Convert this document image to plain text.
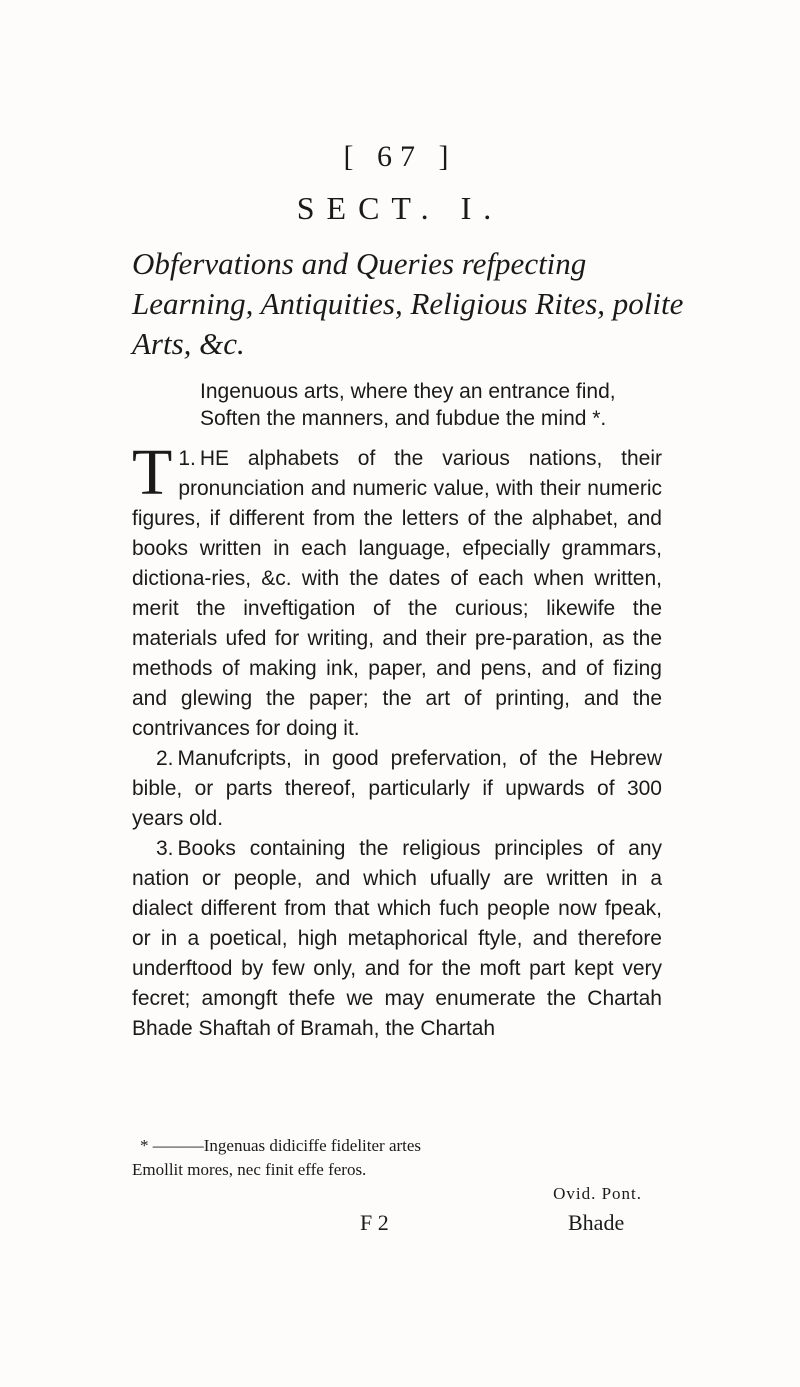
[ 67 ]
SECT. I.
Obfervations and Queries refpecting Learning, Antiquities, Religious Rites, polite Arts, &c.
Ingenuous arts, where they an entrance find,
Soften the manners, and fubdue the mind *.

1.
T HE alphabets of the various nations, their pronunciation and numeric value, with their numeric figures, if different from the letters of the alphabet, and books written in each language, efpecially grammars, dictiona-ries, &c. with the dates of each when written, merit the inveftigation of the curious; likewife the materials ufed for writing, and their pre-paration, as the methods of making ink, paper, and pens, and of fizing and glewing the paper; the art of printing, and the contrivances for doing it.

2. Manufcripts, in good prefervation, of the Hebrew bible, or parts thereof, particularly if upwards of 300 years old.

3. Books containing the religious principles of any nation or people, and which ufually are written in a dialect different from that which fuch people now fpeak, or in a poetical, high metaphorical ftyle, and therefore underftood by few only, and for the moft part kept very fecret; amongft thefe we may enumerate the Chartah Bhade Shaftah of Bramah, the Chartah

* ———Ingenuas didiciffe fideliter artes
Emollit mores, nec finit effe feros.
Ovid. Pont.
F 2	Bhade
